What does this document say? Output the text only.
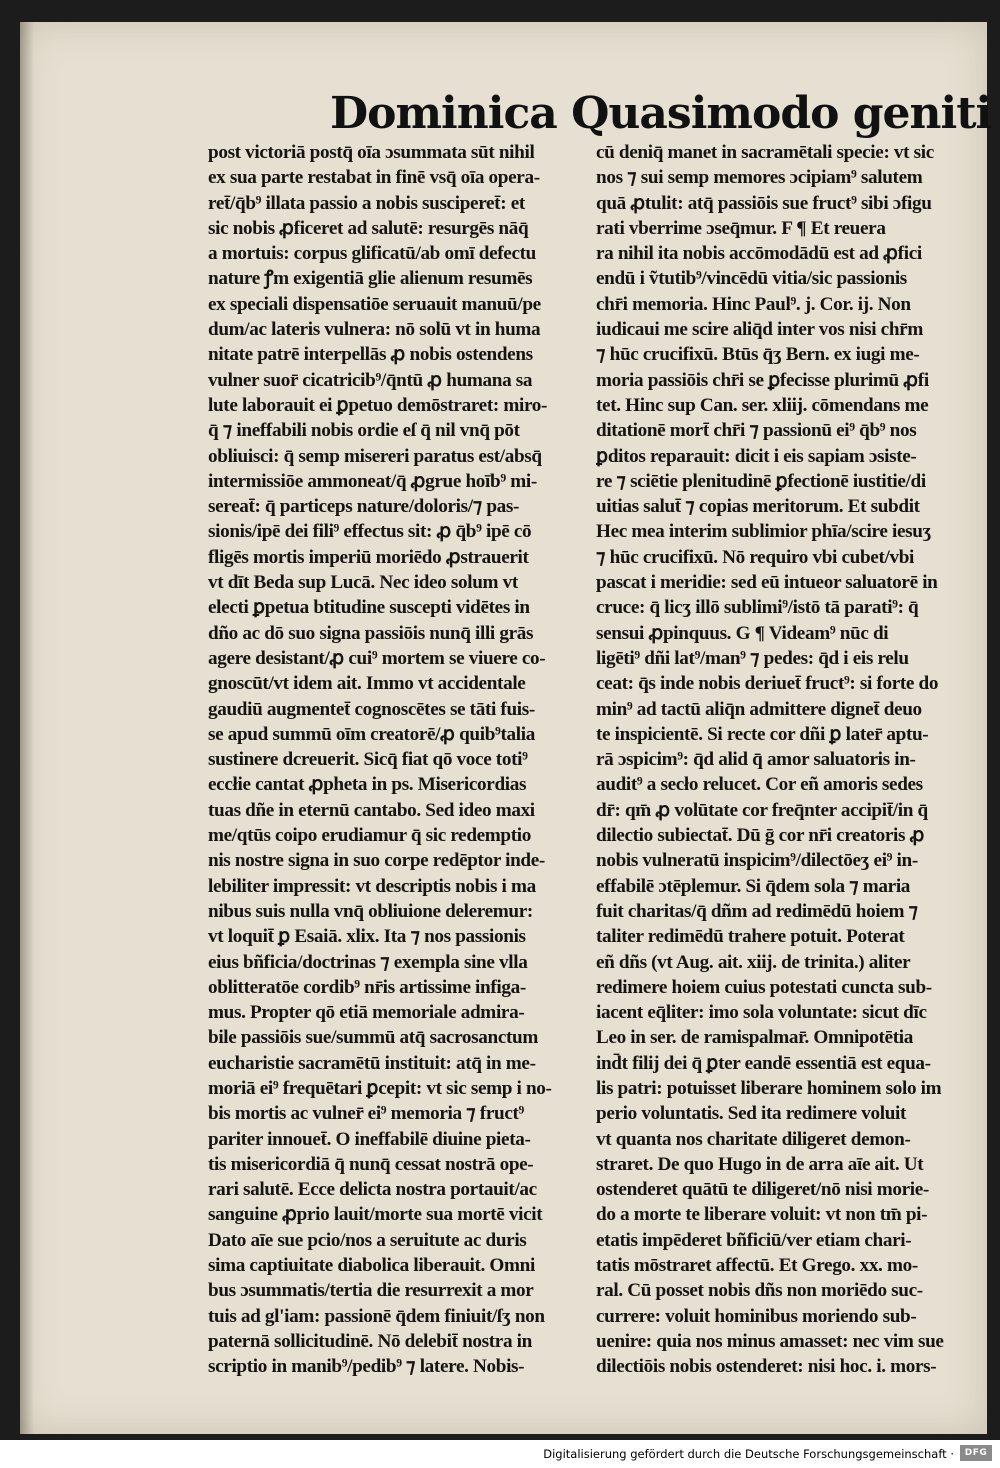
Dominica Quasimodo geniti
post victoriā postq̄ oīa ɔsummata sūt nihil
ex sua parte restabat in finē vsq̄ oīa opera‑
ret̄/q̄b⁹ illata passio a nobis susciperet̄: et
sic nobis ꝓficeret ad salutē: resurgēs nāq̄
a mortuis: corpus glificatū/ab omī defectu
nature ꝭm exigentiā glie alienum resumēs
ex speciali dispensatiōe seruauit manuū/pe
dum/ac lateris vulnera: nō solū vt in huma
nitate patrē interpellās ꝓ nobis ostendens
vulner suor̄ cicatricib⁹/q̄ntū ꝓ humana sa
lute laborauit ei ꝑpetuo demōstraret: miro‑
q̄ ⁊ ineffabili nobis ordie eſ q̄ nil vnq̄ pōt
obliuisci: q̄ semp misereri paratus est/absq̄
intermissiōe ammoneat/q̄ ꝓgrue hoīb⁹ mi‑
sereat̄: q̄ particeps nature/doloris/⁊ pas‑
sionis/ipē dei fili⁹ effectus sit: ꝓ q̄b⁹ ipē cō
fligēs mortis imperiū moriēdo ꝓstrauerit
vt dīt Beda sup Lucā. Nec ideo solum vt
electi ꝑpetua btitudine suscepti vidētes in
dño ac dō suo signa passiōis nunq̄ illi grās
agere desistant/ꝓ cui⁹ mortem se viuere co‑
gnoscūt/vt idem ait. Immo vt accidentale
gaudiū augmentet̄ cognoscētes se tāti fuis‑
se apud summū oīm creatorē/ꝓ quib⁹talia
sustinere dcreuerit. Sicq̄ fiat qō voce toti⁹
eccłie cantat ꝓpheta in ps. Misericordias
tuas dñe in eternū cantabo. Sed ideo maxi
me/qtūs coipo erudiamur q̄ sic redemptio
nis nostre signa in suo corpe redēptor inde‑
lebiliter impressit: vt descriptis nobis i ma
nibus suis nulla vnq̄ obliuione deleremur:
vt loquit̄ ꝑ Esaiā. xlix. Ita ⁊ nos passionis
eius bñficia/doctrinas ⁊ exempla sine vlla
oblitteratōe cordib⁹ nr̄is artissime infiga‑
mus. Propter qō etiā memoriale admira‑
bile passiōis sue/summū atq̄ sacrosanctum
eucharistie sacramētū instituit: atq̄ in me‑
moriā ei⁹ frequētari ꝑcepit: vt sic semp i no‑
bis mortis ac vulner̄ ei⁹ memoria ⁊ fruct⁹
pariter innouet̄. O ineffabilē diuine pieta‑
tis misericordiā q̄ nunq̄ cessat nostrā ope‑
rari salutē. Ecce delicta nostra portauit/ac
sanguine ꝓprio lauit/morte sua mortē vicit
Dato aīe sue pcio/nos a seruitute ac duris
sima captiuitate diabolica liberauit. Omni
bus ɔsummatis/tertia die resurrexit a mor
tuis ad gl'iam: passionē q̄dem finiuit/ſʒ non
paternā sollicitudinē. Nō delebit̄ nostra in
scriptio in manib⁹/pedib⁹ ⁊ latere. Nobis‑
cū deniq̄ manet in sacramētali specie: vt sic
nos ⁊ sui semp memores ɔcipiam⁹ salutem
quā ꝓtulit: atq̄ passiōis sue fruct⁹ sibi ɔfigu
rati vberrime ɔseq̄mur. F ¶ Et reuera
ra nihil ita nobis accōmodādū est ad ꝓfici
endū i ṽtutib⁹/vincēdū vitia/sic passionis
chr̄i memoria. Hinc Paul⁹. j. Cor. ij. Non
iudicaui me scire aliq̄d inter vos nisi chr̄m
⁊ hūc crucifixū. Btūs q̄ʒ Bern. ex iugi me‑
moria passiōis chr̄i se ꝑfecisse plurimū ꝓfi
tet. Hinc sup Can. ser. xliij. cōmendans me
ditationē mort̄ chr̄i ⁊ passionū ei⁹ q̄b⁹ nos
ꝑditos reparauit: dicit i eis sapiam ɔsiste‑
re ⁊ sciētie plenitudinē ꝑfectionē iustitie/di
uitias salut̄ ⁊ copias meritorum. Et subdit
Hec mea interim sublimior phīa/scire iesuʒ
⁊ hūc crucifixū. Nō requiro vbi cubet/vbi
pascat i meridie: sed eū intueor saluatorē in
cruce: q̄ licʒ illō sublimi⁹/istō tā parati⁹: q̄
sensui ꝓpinquus. G ¶ Videam⁹ nūc di
ligēti⁹ dñi lat⁹/man⁹ ⁊ pedes: q̄d i eis relu
ceat: q̄s inde nobis deriuet̄ fruct⁹: si forte do
min⁹ ad tactū aliq̄n admittere dignet̄ deuo
te inspicientē. Si recte cor dñi ꝑ later̄ aptu‑
rā ɔspicim⁹: q̄d alid q̄ amor saluatoris in‑
audit⁹ a secło relucet. Cor eñ amoris sedes
dr̄: qm̄ ꝓ volūtate cor freq̄nter accipit̄/in q̄
dilectio subiectat̄. Dū ḡ cor nr̄i creatoris ꝓ
nobis vulneratū inspicim⁹/dilectōeʒ ei⁹ in‑
effabilē ɔtēplemur. Si q̄dem sola ⁊ maria
fuit charitas/q̄ dñm ad redimēdū hoiem ⁊
taliter redimēdū trahere potuit. Poterat
eñ dñs (vt Aug. ait. xiij. de trinita.) aliter
redimere hoiem cuius potestati cuncta sub‑
iacent eq̄liter: imo sola voluntate: sicut dīc
Leo in ser. de ramispalmar̄. Omnipotētia
ind̄t filij dei q̄ ꝑter eandē essentiā est equa‑
lis patri: potuisset liberare hominem solo im
perio voluntatis. Sed ita redimere voluit
vt quanta nos charitate diligeret demon‑
straret. De quo Hugo in de arra aīe ait. Ut
ostenderet quātū te diligeret/nō nisi morie‑
do a morte te liberare voluit: vt non tm̄ pi‑
etatis impēderet bñficiū/ver etiam chari‑
tatis mōstraret affectū. Et Grego. xx. mo‑
ral. Cū posset nobis dñs non moriēdo suc‑
currere: voluit hominibus moriendo sub‑
uenire: quia nos minus amasset: nec vim sue
dilectiōis nobis ostenderet: nisi hoc. i. mors‑
Digitalisierung gefördert durch die Deutsche Forschungsgemeinschaft ·	DFG
